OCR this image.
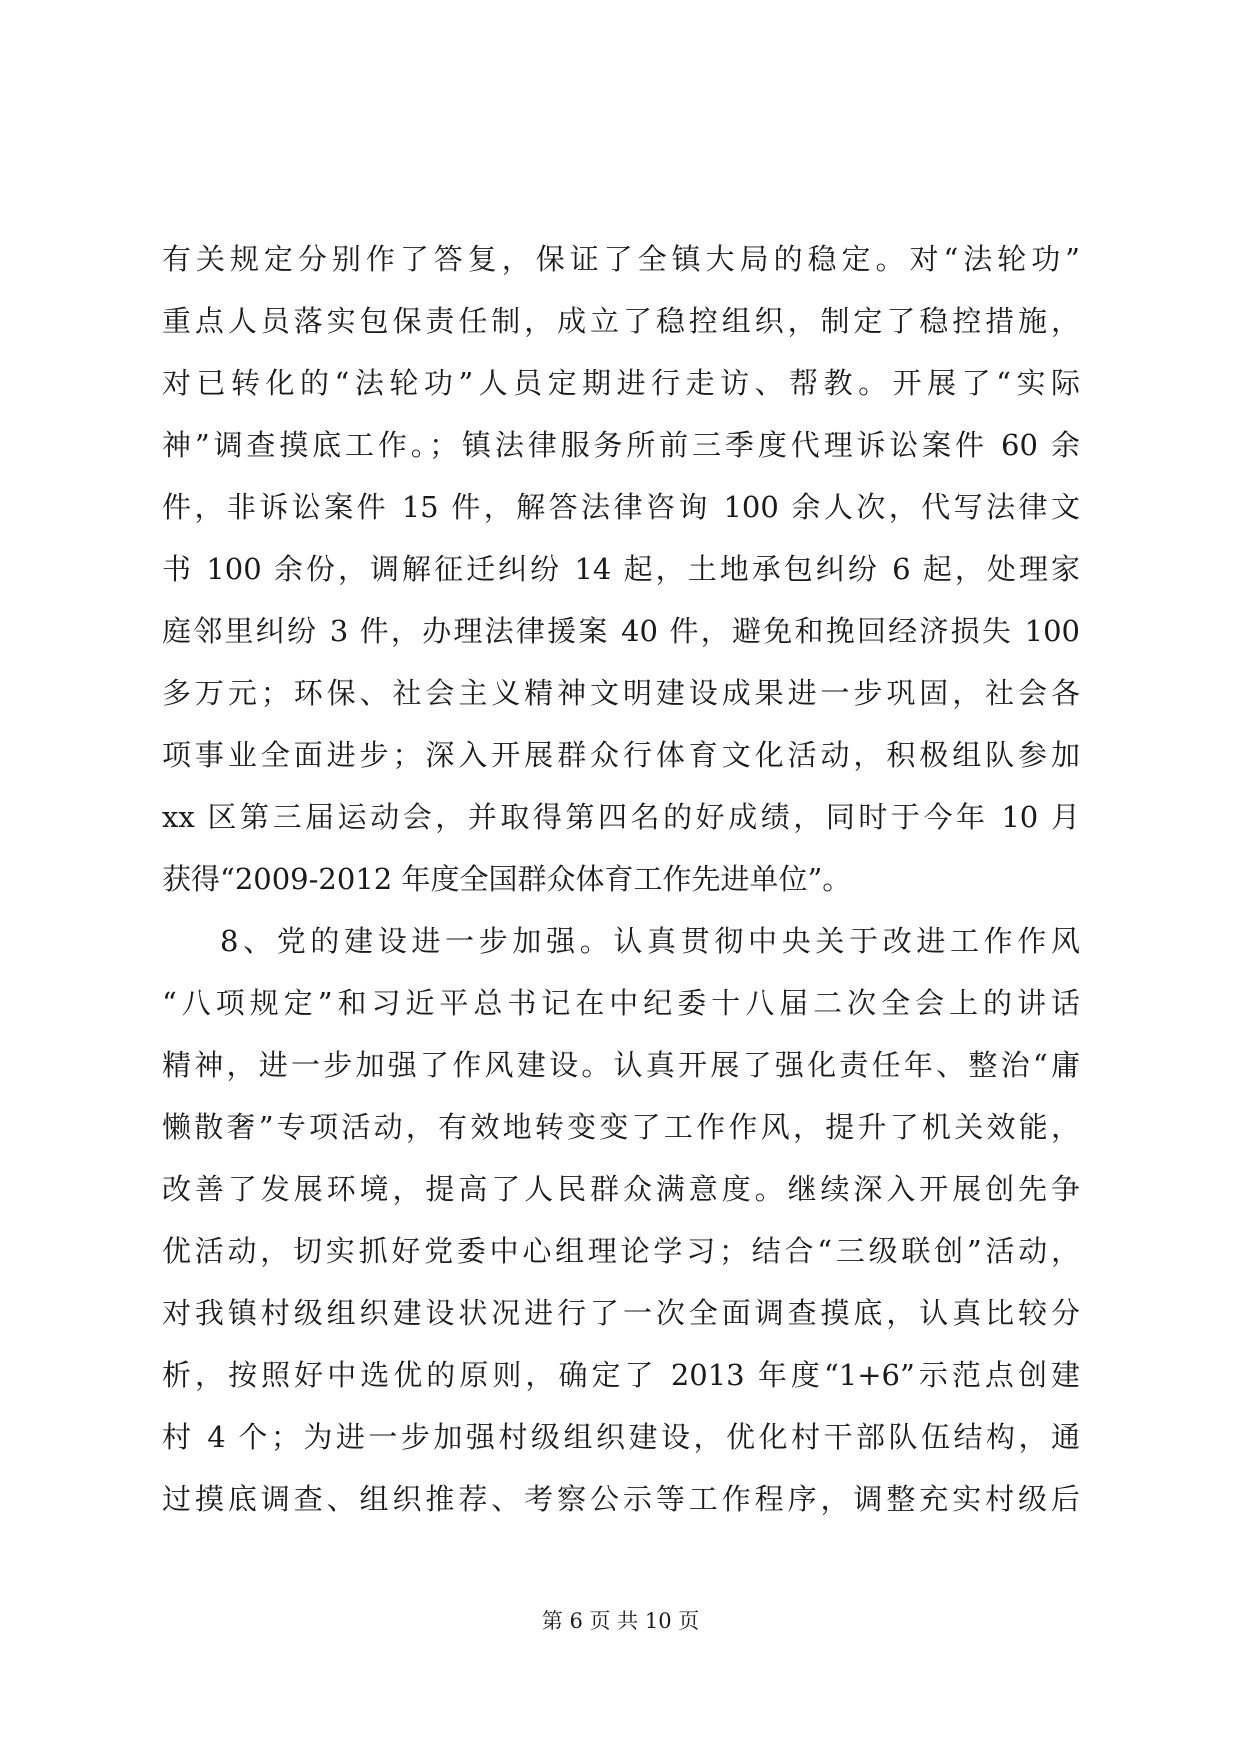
有关规定分别作了答复，保证了全镇大局的稳定。对“法轮功”
重点人员落实包保责任制，成立了稳控组织，制定了稳控措施，
对已转化的“法轮功”人员定期进行走访、帮教。开展了“实际
神”调查摸底工作。；镇法律服务所前三季度代理诉讼案件 60 余
件，非诉讼案件 15 件，解答法律咨询 100 余人次，代写法律文
书 100 余份，调解征迁纠纷 14 起，土地承包纠纷 6 起，处理家
庭邻里纠纷 3 件，办理法律援案 40 件，避免和挽回经济损失 100
多万元；环保、社会主义精神文明建设成果进一步巩固，社会各
项事业全面进步；深入开展群众行体育文化活动，积极组队参加
xx 区第三届运动会，并取得第四名的好成绩，同时于今年 10 月
获得“2009-2012 年度全国群众体育工作先进单位”。
8、党的建设进一步加强。认真贯彻中央关于改进工作作风
“八项规定”和习近平总书记在中纪委十八届二次全会上的讲话
精神，进一步加强了作风建设。认真开展了强化责任年、整治“庸
懒散奢”专项活动，有效地转变变了工作作风，提升了机关效能，
改善了发展环境，提高了人民群众满意度。继续深入开展创先争
优活动，切实抓好党委中心组理论学习；结合“三级联创”活动，
对我镇村级组织建设状况进行了一次全面调查摸底，认真比较分
析，按照好中选优的原则，确定了 2013 年度“1+6”示范点创建
村 4 个；为进一步加强村级组织建设，优化村干部队伍结构，通
过摸底调查、组织推荐、考察公示等工作程序，调整充实村级后
第 6 页 共 10 页
